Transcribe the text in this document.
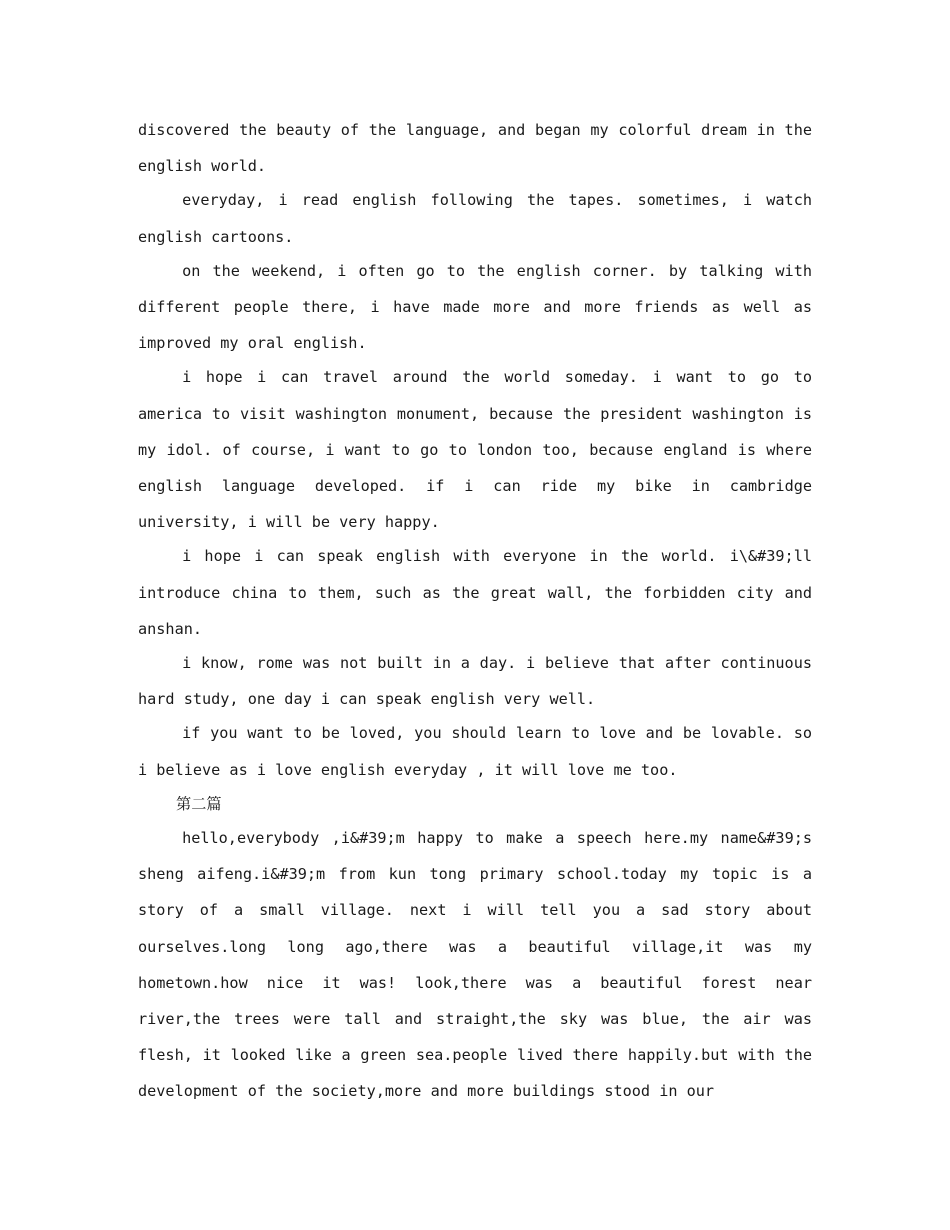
discovered the beauty of the language, and began my colorful dream in the english world.

everyday, i read english following the tapes. sometimes, i watch english cartoons.

on the weekend, i often go to the english corner. by talking with different people there, i have made more and more friends as well as improved my oral english.

i hope i can travel around the world someday. i want to go to america to visit washington monument, because the president washington is my idol. of course, i want to go to london too, because england is where english language developed. if i can ride my bike in cambridge university, i will be very happy.

i hope i can speak english with everyone in the world. i\&#39;ll introduce china to them, such as the great wall, the forbidden city and anshan.

i know, rome was not built in a day. i believe that after continuous hard study, one day i can speak english very well.

if you want to be loved, you should learn to love and be lovable. so i believe as i love english everyday , it will love me too.

第二篇

hello,everybody ,i&#39;m happy to make a speech here.my name&#39;s sheng aifeng.i&#39;m from kun tong primary school.today my topic is a story of a small village. next i will tell you a sad story about ourselves.long long ago,there was a beautiful village,it was my hometown.how nice it was! look,there was a beautiful forest near river,the trees were tall and straight,the sky was blue, the air was flesh, it looked like a green sea.people lived there happily.but with the development of the society,more and more buildings stood in our
